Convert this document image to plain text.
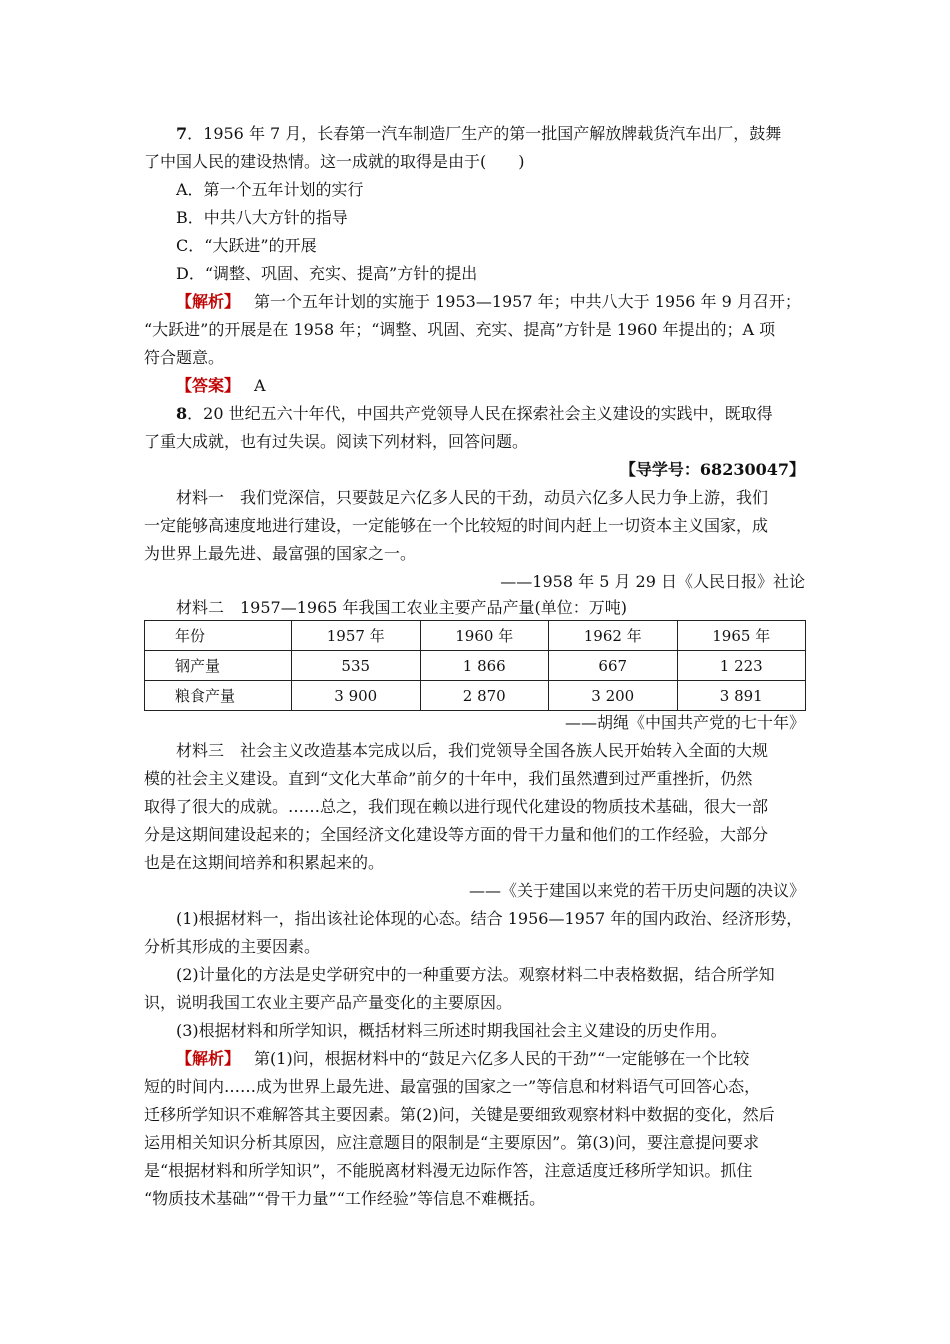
7．1956 年 7 月，长春第一汽车制造厂生产的第一批国产解放牌载货汽车出厂，鼓舞
了中国人民的建设热情。这一成就的取得是由于(　　)
A．第一个五年计划的实行
B．中共八大方针的指导
C．“大跃进”的开展
D．“调整、巩固、充实、提高”方针的提出
【解析】 第一个五年计划的实施于 1953—1957 年；中共八大于 1956 年 9 月召开；
“大跃进”的开展是在 1958 年；“调整、巩固、充实、提高”方针是 1960 年提出的；A 项
符合题意。
【答案】 A
8．20 世纪五六十年代，中国共产党领导人民在探索社会主义建设的实践中，既取得
了重大成就，也有过失误。阅读下列材料，回答问题。
【导学号：68230047】
材料一　我们党深信，只要鼓足六亿多人民的干劲，动员六亿多人民力争上游，我们
一定能够高速度地进行建设，一定能够在一个比较短的时间内赶上一切资本主义国家，成
为世界上最先进、最富强的国家之一。
——1958 年 5 月 29 日《人民日报》社论
材料二　1957—1965 年我国工农业主要产品产量(单位：万吨)
年份	1957 年	1960 年	1962 年	1965 年
钢产量	535	1 866	667	1 223
粮食产量	3 900	2 870	3 200	3 891
——胡绳《中国共产党的七十年》
材料三　社会主义改造基本完成以后，我们党领导全国各族人民开始转入全面的大规
模的社会主义建设。直到“文化大革命”前夕的十年中，我们虽然遭到过严重挫折，仍然
取得了很大的成就。……总之，我们现在赖以进行现代化建设的物质技术基础，很大一部
分是这期间建设起来的；全国经济文化建设等方面的骨干力量和他们的工作经验，大部分
也是在这期间培养和积累起来的。
——《关于建国以来党的若干历史问题的决议》
(1)根据材料一，指出该社论体现的心态。结合 1956—1957 年的国内政治、经济形势，
分析其形成的主要因素。
(2)计量化的方法是史学研究中的一种重要方法。观察材料二中表格数据，结合所学知
识，说明我国工农业主要产品产量变化的主要原因。
(3)根据材料和所学知识，概括材料三所述时期我国社会主义建设的历史作用。
【解析】 第(1)问，根据材料中的“鼓足六亿多人民的干劲”“一定能够在一个比较
短的时间内……成为世界上最先进、最富强的国家之一”等信息和材料语气可回答心态，
迁移所学知识不难解答其主要因素。第(2)问，关键是要细致观察材料中数据的变化，然后
运用相关知识分析其原因，应注意题目的限制是“主要原因”。第(3)问，要注意提问要求
是“根据材料和所学知识”，不能脱离材料漫无边际作答，注意适度迁移所学知识。抓住
“物质技术基础”“骨干力量”“工作经验”等信息不难概括。
